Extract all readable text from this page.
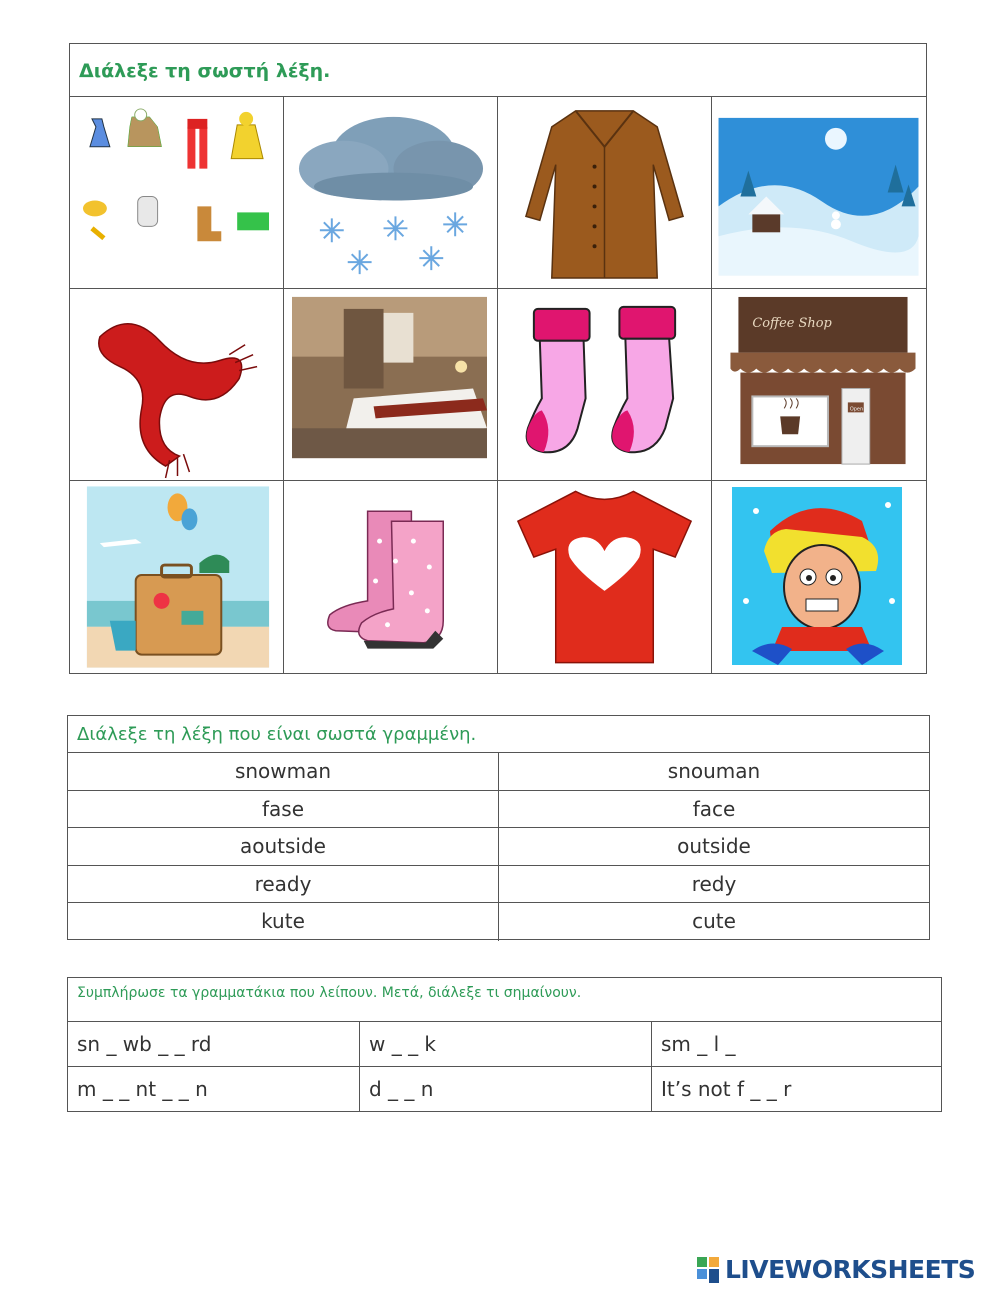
Διάλεξε τη σωστή λέξη.
Coffee Shop
Open
Διάλεξε τη λέξη που είναι σωστά γραμμένη.
snowman	snouman
fase	face
aoutside	outside
ready	redy
kute	cute
Συμπλήρωσε τα γραμματάκια που λείπουν. Μετά, διάλεξε τι σημαίνουν.
sn _ wb _ _ rd	w _ _ k	sm _ l _
m _ _ nt _ _ n	d _ _ n	It’s not f _ _ r
LIVEWORKSHEETS
